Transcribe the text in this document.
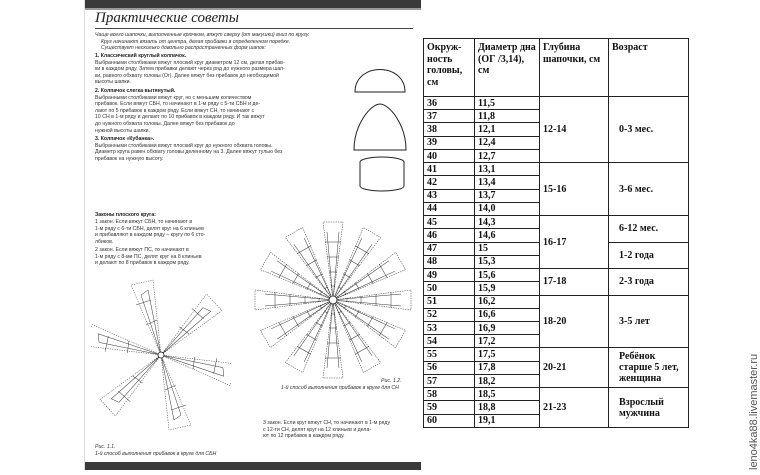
Практические советы
Чаще всего шапочки, выполненные крючком, вяжут сверху (от макушки) вниз по кругу.
Круг начинают вязать от центра, делая прибавки в определенном порядке.
Существует несколько довольно распространенных форм шапок:
1. Классический круглый колпачок.
Выбранными столбиками вяжут плоский круг диаметром 12 см, делая прибав-
ки в каждом ряду. Затем прибавки делают через ряд до нужного размера шап-
ки, равного обхвату головы (Ог). Далее вяжут без прибавок до необходимой
высоты шапки.
2. Колпачок слегка вытянутый.
Выбранными столбиками вяжут круг, но с меньшим количеством
прибавок. Если вяжут СБН, то начинают в 1-м ряду с 5-ти СБН и де-
лают по 5 прибавок в каждом ряду. Если вяжут СН, то начинают с
10 СН в 1-м ряду и делают по 10 прибавок в каждом ряду. И так вяжут
до нужного обхвата головы. Далее вяжут без прибавок до
нужной высоты шапки.
3. Колпачок «Кубанка».
Выбранными столбиками вяжут плоский круг до нужного обхвата головы.
Диаметр круга равен обхвату головы деленному на 3. Далее вяжут тулью без
прибавок на нужную высоту.
Законы плоского круга:
1 закон. Если вяжут СБН, то начинают в
1-м ряду с 6-ти СБН, делят круг на 6 клиньев
и прибавляют в каждом ряду – кругу по 6 сто-
лбиков.
2 закон. Если вяжут ПС, то начинают в
1-м ряду с 8-ми ПС, делят круг на 8 клиньев
и делают по 8 прибавок в каждом ряду.
Рис. 1.2.
1-й способ выполнения прибавок в круге для СН
3 закон. Если круг вяжут СН, то начинают в 1-м ряду
с 12-ти СН, делят круг на 12 клиньев и дела-
ют по 12 прибавок в каждом ряду.
Рис. 1.1.
1-й способ выполнения прибавок в круге для СБН
Окруж-ность головы, см	Диаметр дна (ОГ /3,14), см	Глубина шапочки, см	Возраст
36	11,5	12-14	0-3 мес.
37	11,8		
38	12,1		
39	12,4		
40	12,7		
41	13,1	15-16	3-6 мес.
42	13,4		
43	13,7		
44	14,0		
45	14,3	16-17	6-12 мес.
46	14,6		
47	15		1-2 года
48	15,3		
49	15,6	17-18	2-3 года
50	15,9		
51	16,2	18-20	3-5 лет
52	16,6		
53	16,9		
54	17,2		
55	17,5	20-21	Ребёнок старше 5 лет, женщина
56	17,8		
57	18,2		
58	18,5	21-23	Взрослый мужчина
59	18,8		
60	19,1			leno4ka88.livemaster.ru
